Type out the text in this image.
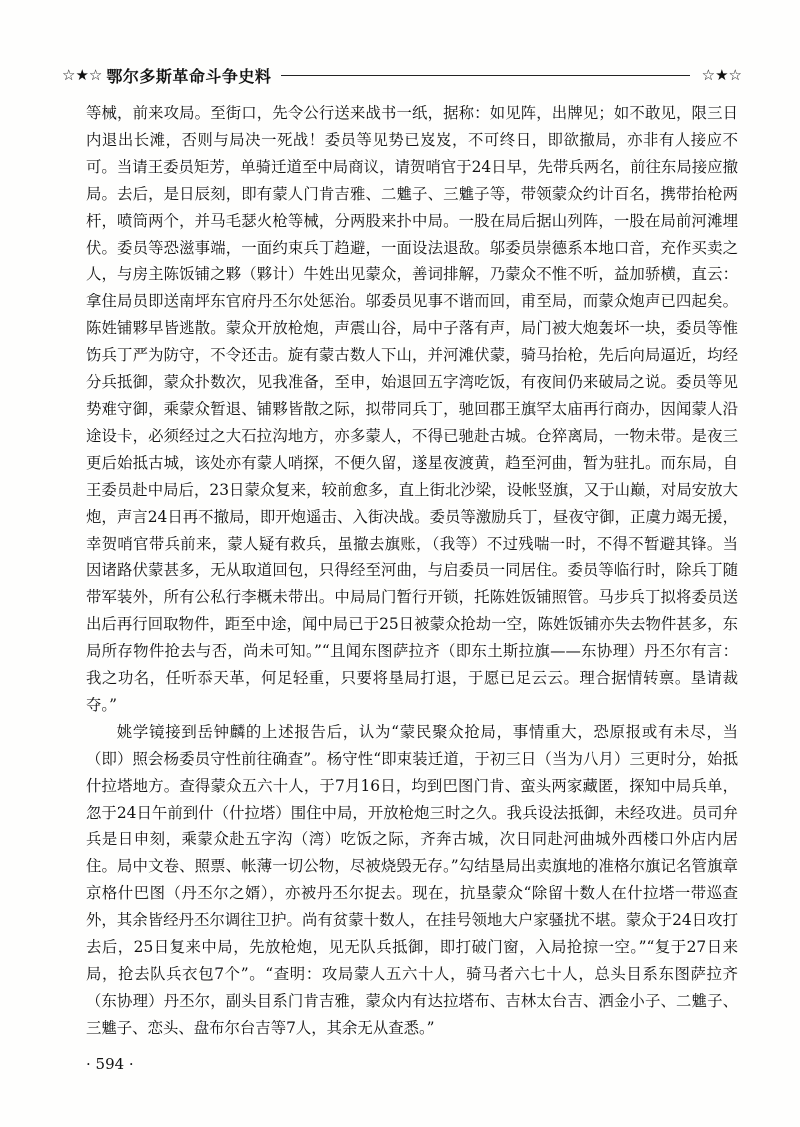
☆★☆ 鄂尔多斯革命斗争史料	☆★☆

等械，前来攻局。至街口，先令公行送来战书一纸，据称：如见阵，出牌见；如不敢见，限三日内退出长滩，否则与局决一死战！委员等见势已岌岌，不可终日，即欲撤局，亦非有人接应不可。当请王委员矩芳，单骑迁道至中局商议，请贺哨官于24日早，先带兵两名，前往东局接应撤局。去后，是日辰刻，即有蒙人门肯吉雅、二魋子、三魋子等，带领蒙众约计百名，携带抬枪两杆，喷筒两个，并马毛瑟火枪等械，分两股来扑中局。一股在局后据山列阵，一股在局前河滩埋伏。委员等恐滋事端，一面约束兵丁趋避，一面设法退敌。邬委员崇德系本地口音，充作买卖之人，与房主陈饭铺之夥（夥计）牛姓出见蒙众，善词排解，乃蒙众不惟不听，益加骄横，直云：拿住局员即送南坪东官府丹丕尔处惩治。邬委员见事不谐而回，甫至局，而蒙众炮声已四起矣。陈姓铺夥早皆逃散。蒙众开放枪炮，声震山谷，局中子落有声，局门被大炮轰坏一块，委员等惟饬兵丁严为防守，不令还击。旋有蒙古数人下山，并河滩伏蒙，骑马抬枪，先后向局逼近，均经分兵抵御，蒙众扑数次，见我准备，至申，始退回五字湾吃饭，有夜间仍来破局之说。委员等见势难守御，乘蒙众暂退、铺夥皆散之际，拟带同兵丁，驰回郡王旗罕太庙再行商办，因闻蒙人沿途设卡，必须经过之大石拉沟地方，亦多蒙人，不得已驰赴古城。仓猝离局，一物未带。是夜三更后始抵古城，该处亦有蒙人哨探，不便久留，遂星夜渡黄，趋至河曲，暂为驻扎。而东局，自王委员赴中局后，23日蒙众复来，较前愈多，直上街北沙梁，设帐竖旗，又于山巅，对局安放大炮，声言24日再不撤局，即开炮遥击、入街决战。委员等激励兵丁，昼夜守御，正虞力竭无援，幸贺哨官带兵前来，蒙人疑有救兵，虽撤去旗账，（我等）不过残喘一时，不得不暂避其锋。当因诸路伏蒙甚多，无从取道回包，只得经至河曲，与启委员一同居住。委员等临行时，除兵丁随带军装外，所有公私行李概未带出。中局局门暂行开锁，托陈姓饭铺照管。马步兵丁拟将委员送出后再行回取物件，距至中途，闻中局已于25日被蒙众抢劫一空，陈姓饭铺亦失去物件甚多，东局所存物件抢去与否，尚未可知。”“且闻东图萨拉齐（即东土斯拉旗——东协理）丹丕尔有言：我之功名，任听忝天革，何足轻重，只要将垦局打退，于愿已足云云。理合据情转禀。垦请裁夺。”

姚学镜接到岳钟麟的上述报告后，认为“蒙民聚众抢局，事情重大，恐原报或有未尽，当（即）照会杨委员守性前往确查”。杨守性“即束装迁道，于初三日（当为八月）三更时分，始抵什拉塔地方。查得蒙众五六十人，于7月16日，均到巴图门肯、蛮头两家藏匿，探知中局兵单，忽于24日午前到什（什拉塔）围住中局，开放枪炮三时之久。我兵设法抵御，未经攻进。员司弁兵是日申刻，乘蒙众赴五字沟（湾）吃饭之际，齐奔古城，次日同赴河曲城外西楼口外店内居住。局中文卷、照票、帐薄一切公物，尽被烧毁无存。”勾结垦局出卖旗地的准格尔旗记名管旗章京格什巴图（丹丕尔之婿），亦被丹丕尔捉去。现在，抗垦蒙众“除留十数人在什拉塔一带巡查外，其余皆经丹丕尔调往卫护。尚有贫蒙十数人，在挂号领地大户家骚扰不堪。蒙众于24日攻打去后，25日复来中局，先放枪炮，见无队兵抵御，即打破门窗，入局抢掠一空。”“复于27日来局，抢去队兵衣包7个”。“查明：攻局蒙人五六十人，骑马者六七十人，总头目系东图萨拉齐（东协理）丹丕尔，副头目系门肯吉雅，蒙众内有达拉塔布、吉林太台吉、洒金小子、二魋子、三魋子、恋头、盘布尔台吉等7人，其余无从查悉。”

· 594 ·
